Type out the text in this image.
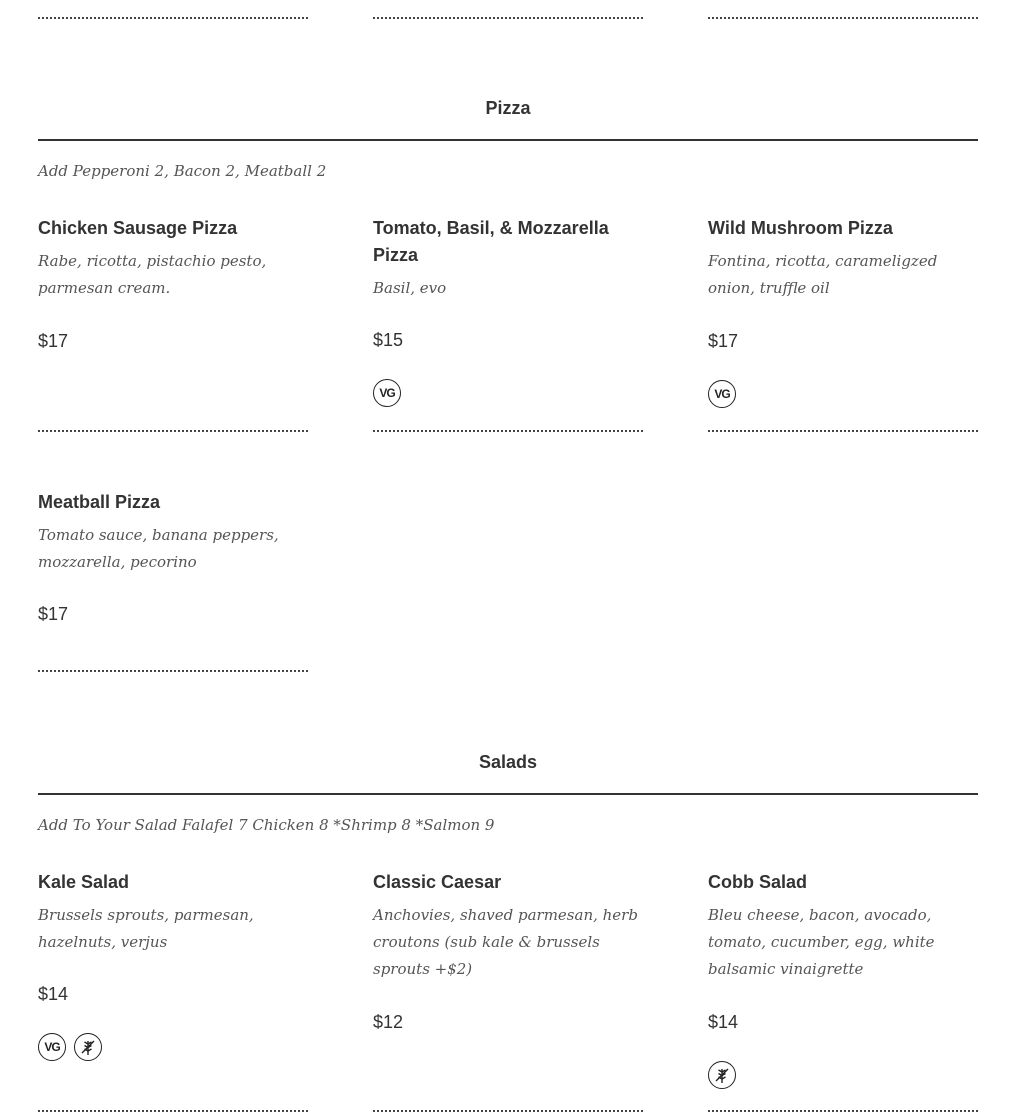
Pizza
Add Pepperoni 2, Bacon 2, Meatball 2
Chicken Sausage Pizza
Rabe, ricotta, pistachio pesto, parmesan cream.
$17
Tomato, Basil, & Mozzarella Pizza
Basil, evo
$15
VG
Wild Mushroom Pizza
Fontina, ricotta, carameligzed onion, truffle oil
$17
VG
Meatball Pizza
Tomato sauce, banana peppers, mozzarella, pecorino
$17
Salads
Add To Your Salad Falafel 7 Chicken 8 *Shrimp 8 *Salmon 9
Kale Salad
Brussels sprouts, parmesan, hazelnuts, verjus
$14
VG
Classic Caesar
Anchovies, shaved parmesan, herb croutons (sub kale & brussels sprouts +$2)
$12
Cobb Salad
Bleu cheese, bacon, avocado, tomato, cucumber, egg, white balsamic vinaigrette
$14
